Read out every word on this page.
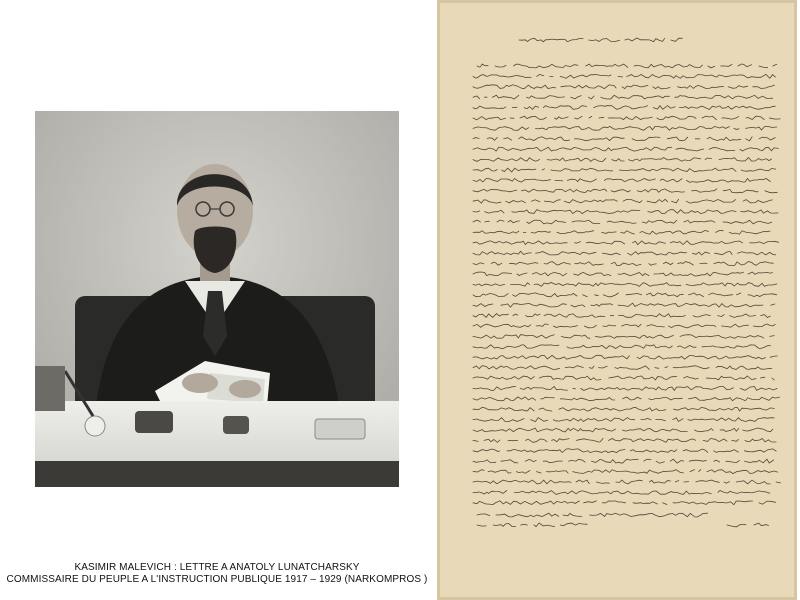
KASIMIR MALEVICH : LETTRE A ANATOLY LUNATCHARSKY
COMMISSAIRE DU PEUPLE A L'INSTRUCTION PUBLIQUE 1917 – 1929 (NARKOMPROS )
